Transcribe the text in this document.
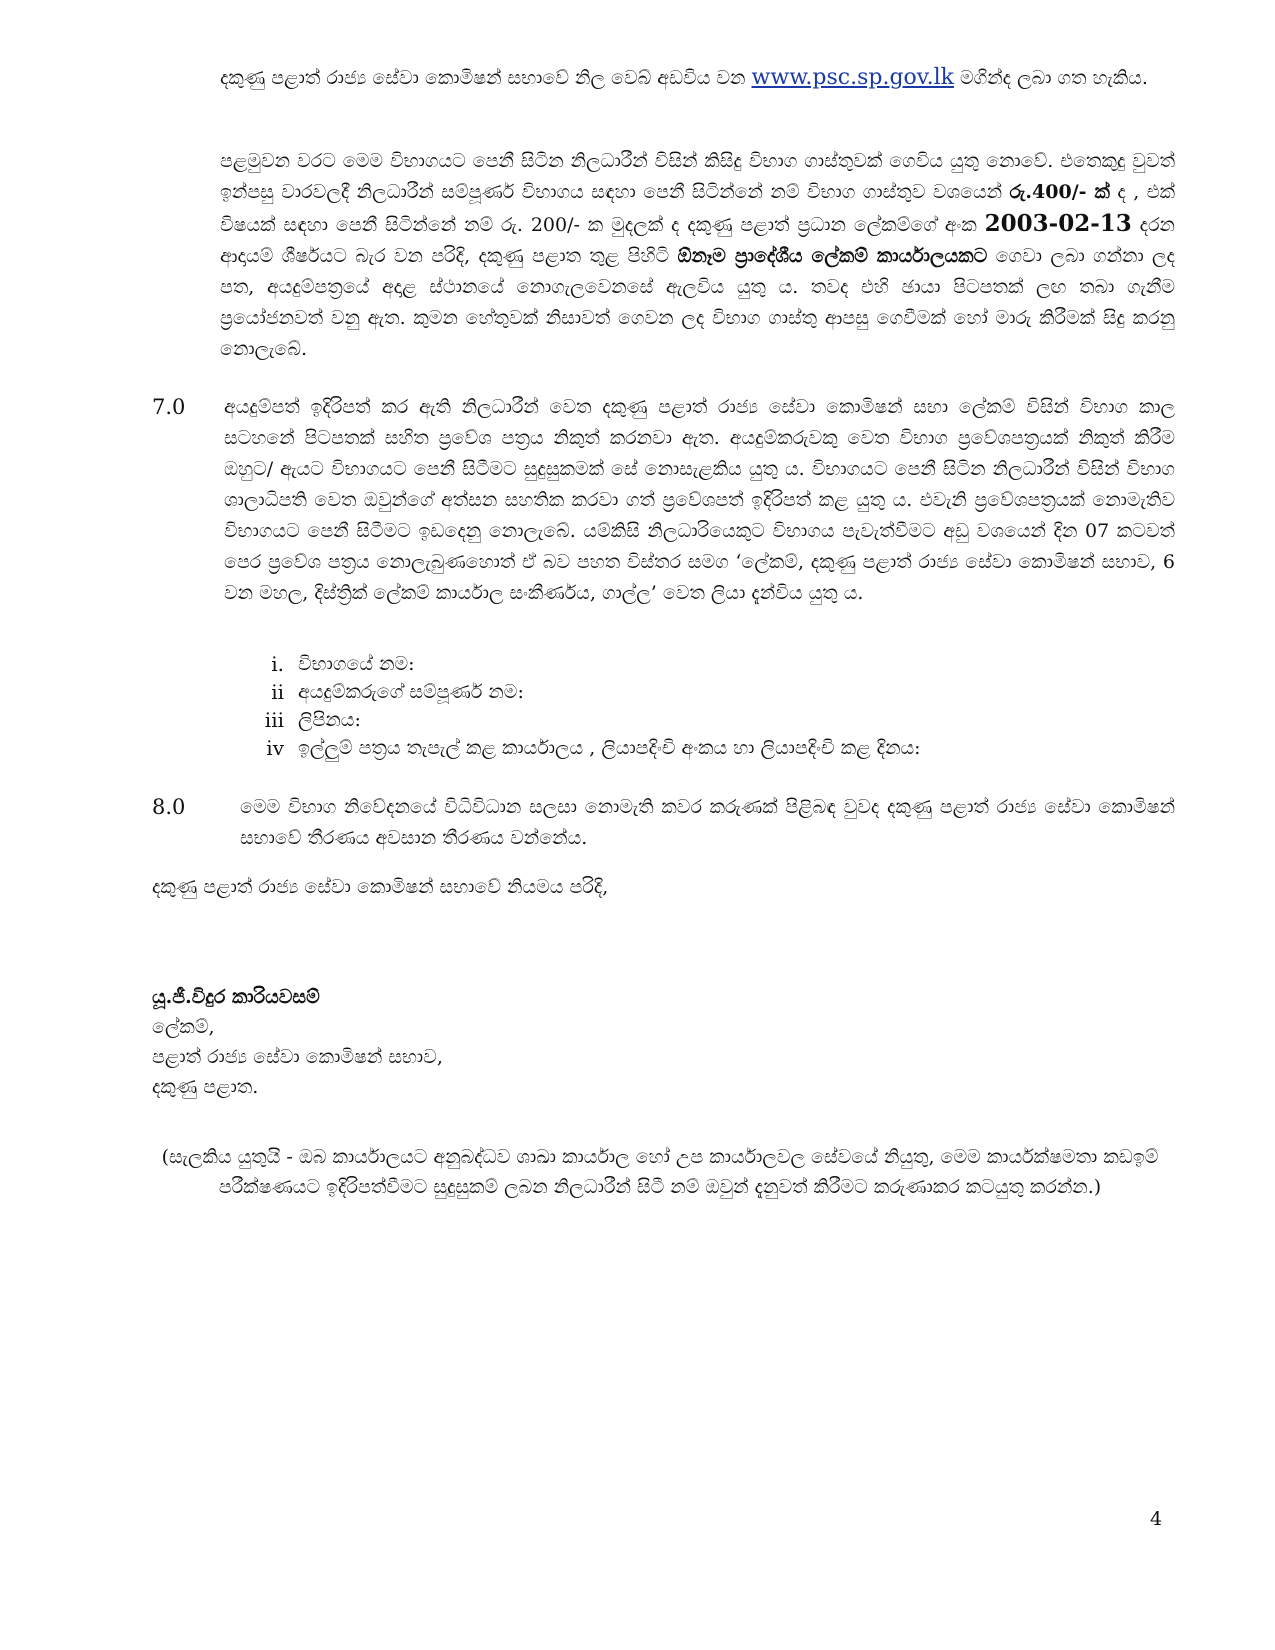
දකුණු පළාත් රාජ්‍ය සේවා කොමිෂන් සභාවේ නිල වෙබ් අඩවිය වන www.psc.sp.gov.lk මගින්ද ලබා ගත හැකිය.

පළමුවන වරට මෙම විභාගයට පෙනී සිටින නිලධාරීන් විසින් කිසිදු විභාග ගාස්තුවක් ගෙවිය යුතු නොවේ. එතෙකුදු වුවත් ඉන්පසු වාරවලදී නිලධාරීන් සම්පූර්ණ විභාගය සඳහා පෙනී සිටින්නේ නම් විභාග ගාස්තුව වශයෙන් රු.400/- ක් ද , එක් විෂයක් සඳහා පෙනී සිටින්නේ නම් රු. 200/- ක මුදලක් ද දකුණු පළාත් ප්‍රධාන ලේකම්ගේ අංක 2003-02-13 දරන ආදායම් ශීර්ෂයට බැර වන පරිදි, දකුණු පළාත තුළ පිහිටි ඕනෑම ප්‍රාදේශීය ලේකම් කාර්යාලයකට ගෙවා ලබා ගන්නා ලද පත, අයදුම්පත්‍රයේ අදාළ ස්ථානයේ නොගැලවෙනසේ ඇලවිය යුතු ය. තවද එහි ඡායා පිටපතක් ලඟ තබා ගැනීම ප්‍රයෝජනවත් වනු ඇත. කුමන හේතුවක් නිසාවත් ගෙවන ලද විභාග ගාස්තු ආපසු ගෙවීමක් හෝ මාරු කිරීමක් සිදු කරනු නොලැබේ.

7.0 අයදුම්පත් ඉදිරිපත් කර ඇති නිලධාරීන් වෙත දකුණු පළාත් රාජ්‍ය සේවා කොමිෂන් සභා ලේකම් විසින් විභාග කාල සටහනේ පිටපතක් සහිත ප්‍රවේශ පත්‍රය නිකුත් කරනවා ඇත. අයදුම්කරුවකු වෙත විභාග ප්‍රවේශපත්‍රයක් නිකුත් කිරීම ඔහුට/ ඇයට විභාගයට පෙනී සිටීමට සුදුසුකමක් සේ නොසැළකිය යුතු ය. විභාගයට පෙනී සිටින නිලධාරීන් විසින් විභාග ශාලාධිපති වෙත ඔවුන්ගේ අත්සන සහතික කරවා ගත් ප්‍රවේශපත් ඉදිරිපත් කළ යුතු ය. එවැනි ප්‍රවේශපත්‍රයක් නොමැතිව විභාගයට පෙනී සිටීමට ඉඩදෙනු නොලැබේ. යම්කිසි නිලධාරියෙකුට විභාගය පැවැත්වීමට අඩු වශයෙන් දින 07 කටවත් පෙර ප්‍රවේශ පත්‍රය නොලැබුණහොත් ඒ බව පහත විස්තර සමග ‘ලේකම්, දකුණු පළාත් රාජ්‍ය සේවා කොමිෂන් සභාව, 6 වන මහල, දිස්ත්‍රික් ලේකම් කාර්යාල සංකීර්ණය, ගාල්ල’ වෙත ලියා දැන්විය යුතු ය.

i. විභාගයේ නම:
ii අයදුම්කරුගේ සම්පූර්ණ නම:
iii ලිපිනය:
iv ඉල්ලුම් පත්‍රය තැපැල් කළ කාර්යාලය , ලියාපදිංචි අංකය හා ලියාපදිංචි කළ දිනය:
8.0	මෙම විභාග නිවේදනයේ විධිවිධාන සලසා නොමැති කවර කරුණක් පිළිබඳ වුවද දකුණු පළාත් රාජ්‍ය සේවා කොමිෂන් සභාවේ තීරණය අවසාන තීරණය වන්නේය.

දකුණු පළාත් රාජ්‍ය සේවා කොමිෂන් සභාවේ නියමය පරිදි,
යූ.ජී.විදුර කාරියවසම්
ලේකම්,
පළාත් රාජ්‍ය සේවා කොමිෂන් සභාව,
දකුණු පළාත.

(සැලකිය යුතුයි - ඔබ කාර්යාලයට අනුබද්ධව ශාඛා කාර්යාල හෝ උප කාර්යාලවල සේවයේ නියුතු, මෙම කාර්යක්ෂමතා කඩඉම් පරීක්ෂණයට ඉදිරිපත්වීමට සුදුසුකම් ලබන නිලධාරීන් සිටී නම් ඔවුන් දැනුවත් කිරීමට කරුණාකර කටයුතු කරන්න.)

4
